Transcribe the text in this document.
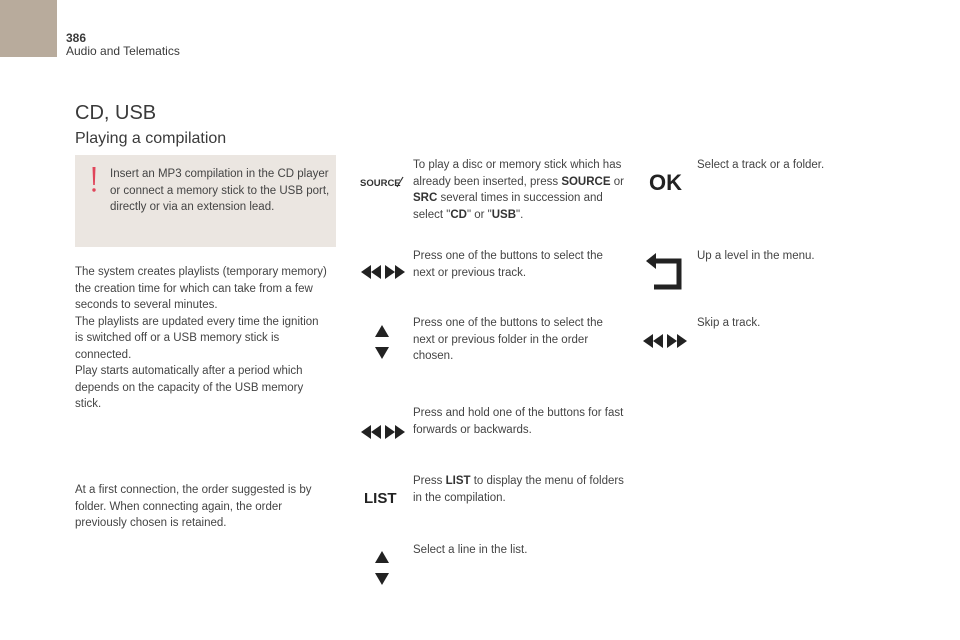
386
Audio and Telematics
CD, USB
Playing a compilation
Insert an MP3 compilation in the CD player or connect a memory stick to the USB port, directly or via an extension lead.
The system creates playlists (temporary memory) the creation time for which can take from a few seconds to several minutes.
The playlists are updated every time the ignition is switched off or a USB memory stick is connected.
Play starts automatically after a period which depends on the capacity of the USB memory stick.
At a first connection, the order suggested is by folder. When connecting again, the order previously chosen is retained.
SOURCE
LIST
To play a disc or memory stick which has already been inserted, press SOURCE or SRC several times in succession and select "CD" or "USB".
Press one of the buttons to select the next or previous track.
Press one of the buttons to select the next or previous folder in the order chosen.
Press and hold one of the buttons for fast forwards or backwards.
Press LIST to display the menu of folders in the compilation.
Select a line in the list.
OK
Select a track or a folder.
Up a level in the menu.
Skip a track.
